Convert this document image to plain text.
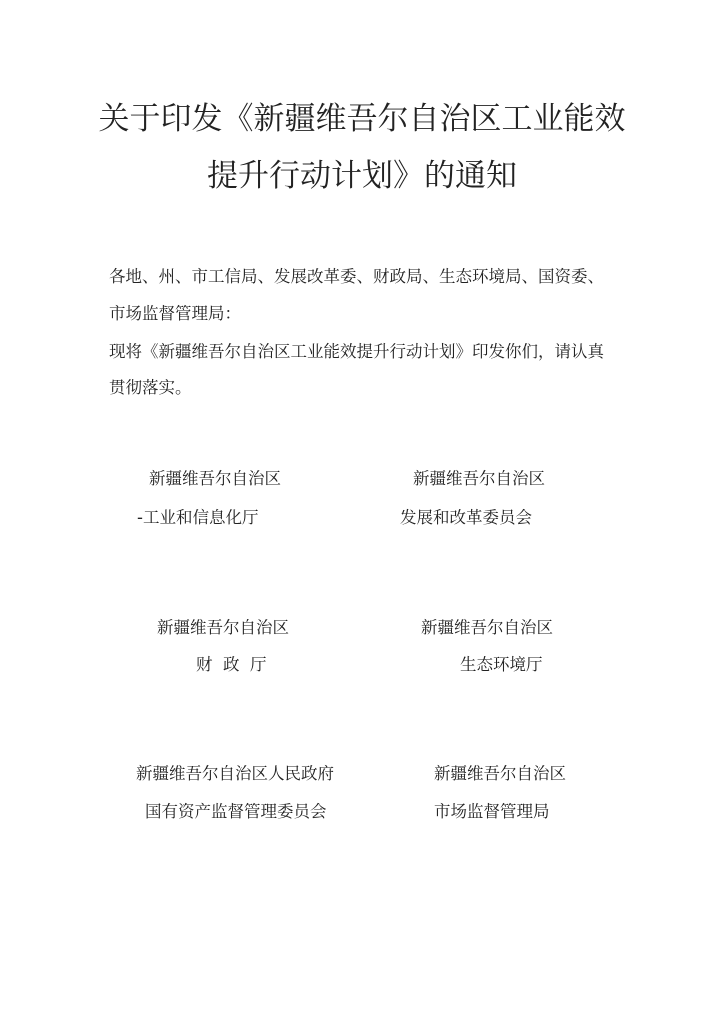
关于印发《新疆维吾尔自治区工业能效
提升行动计划》的通知

各地、州、市工信局、发展改革委、财政局、生态环境局、国资委、

市场监督管理局：

现将《新疆维吾尔自治区工业能效提升行动计划》印发你们，请认真

贯彻落实。

新疆维吾尔自治区

-工业和信息化厅

新疆维吾尔自治区

发展和改革委员会

新疆维吾尔自治区

财  政  厅

新疆维吾尔自治区

生态环境厅

新疆维吾尔自治区人民政府

国有资产监督管理委员会

新疆维吾尔自治区

市场监督管理局
